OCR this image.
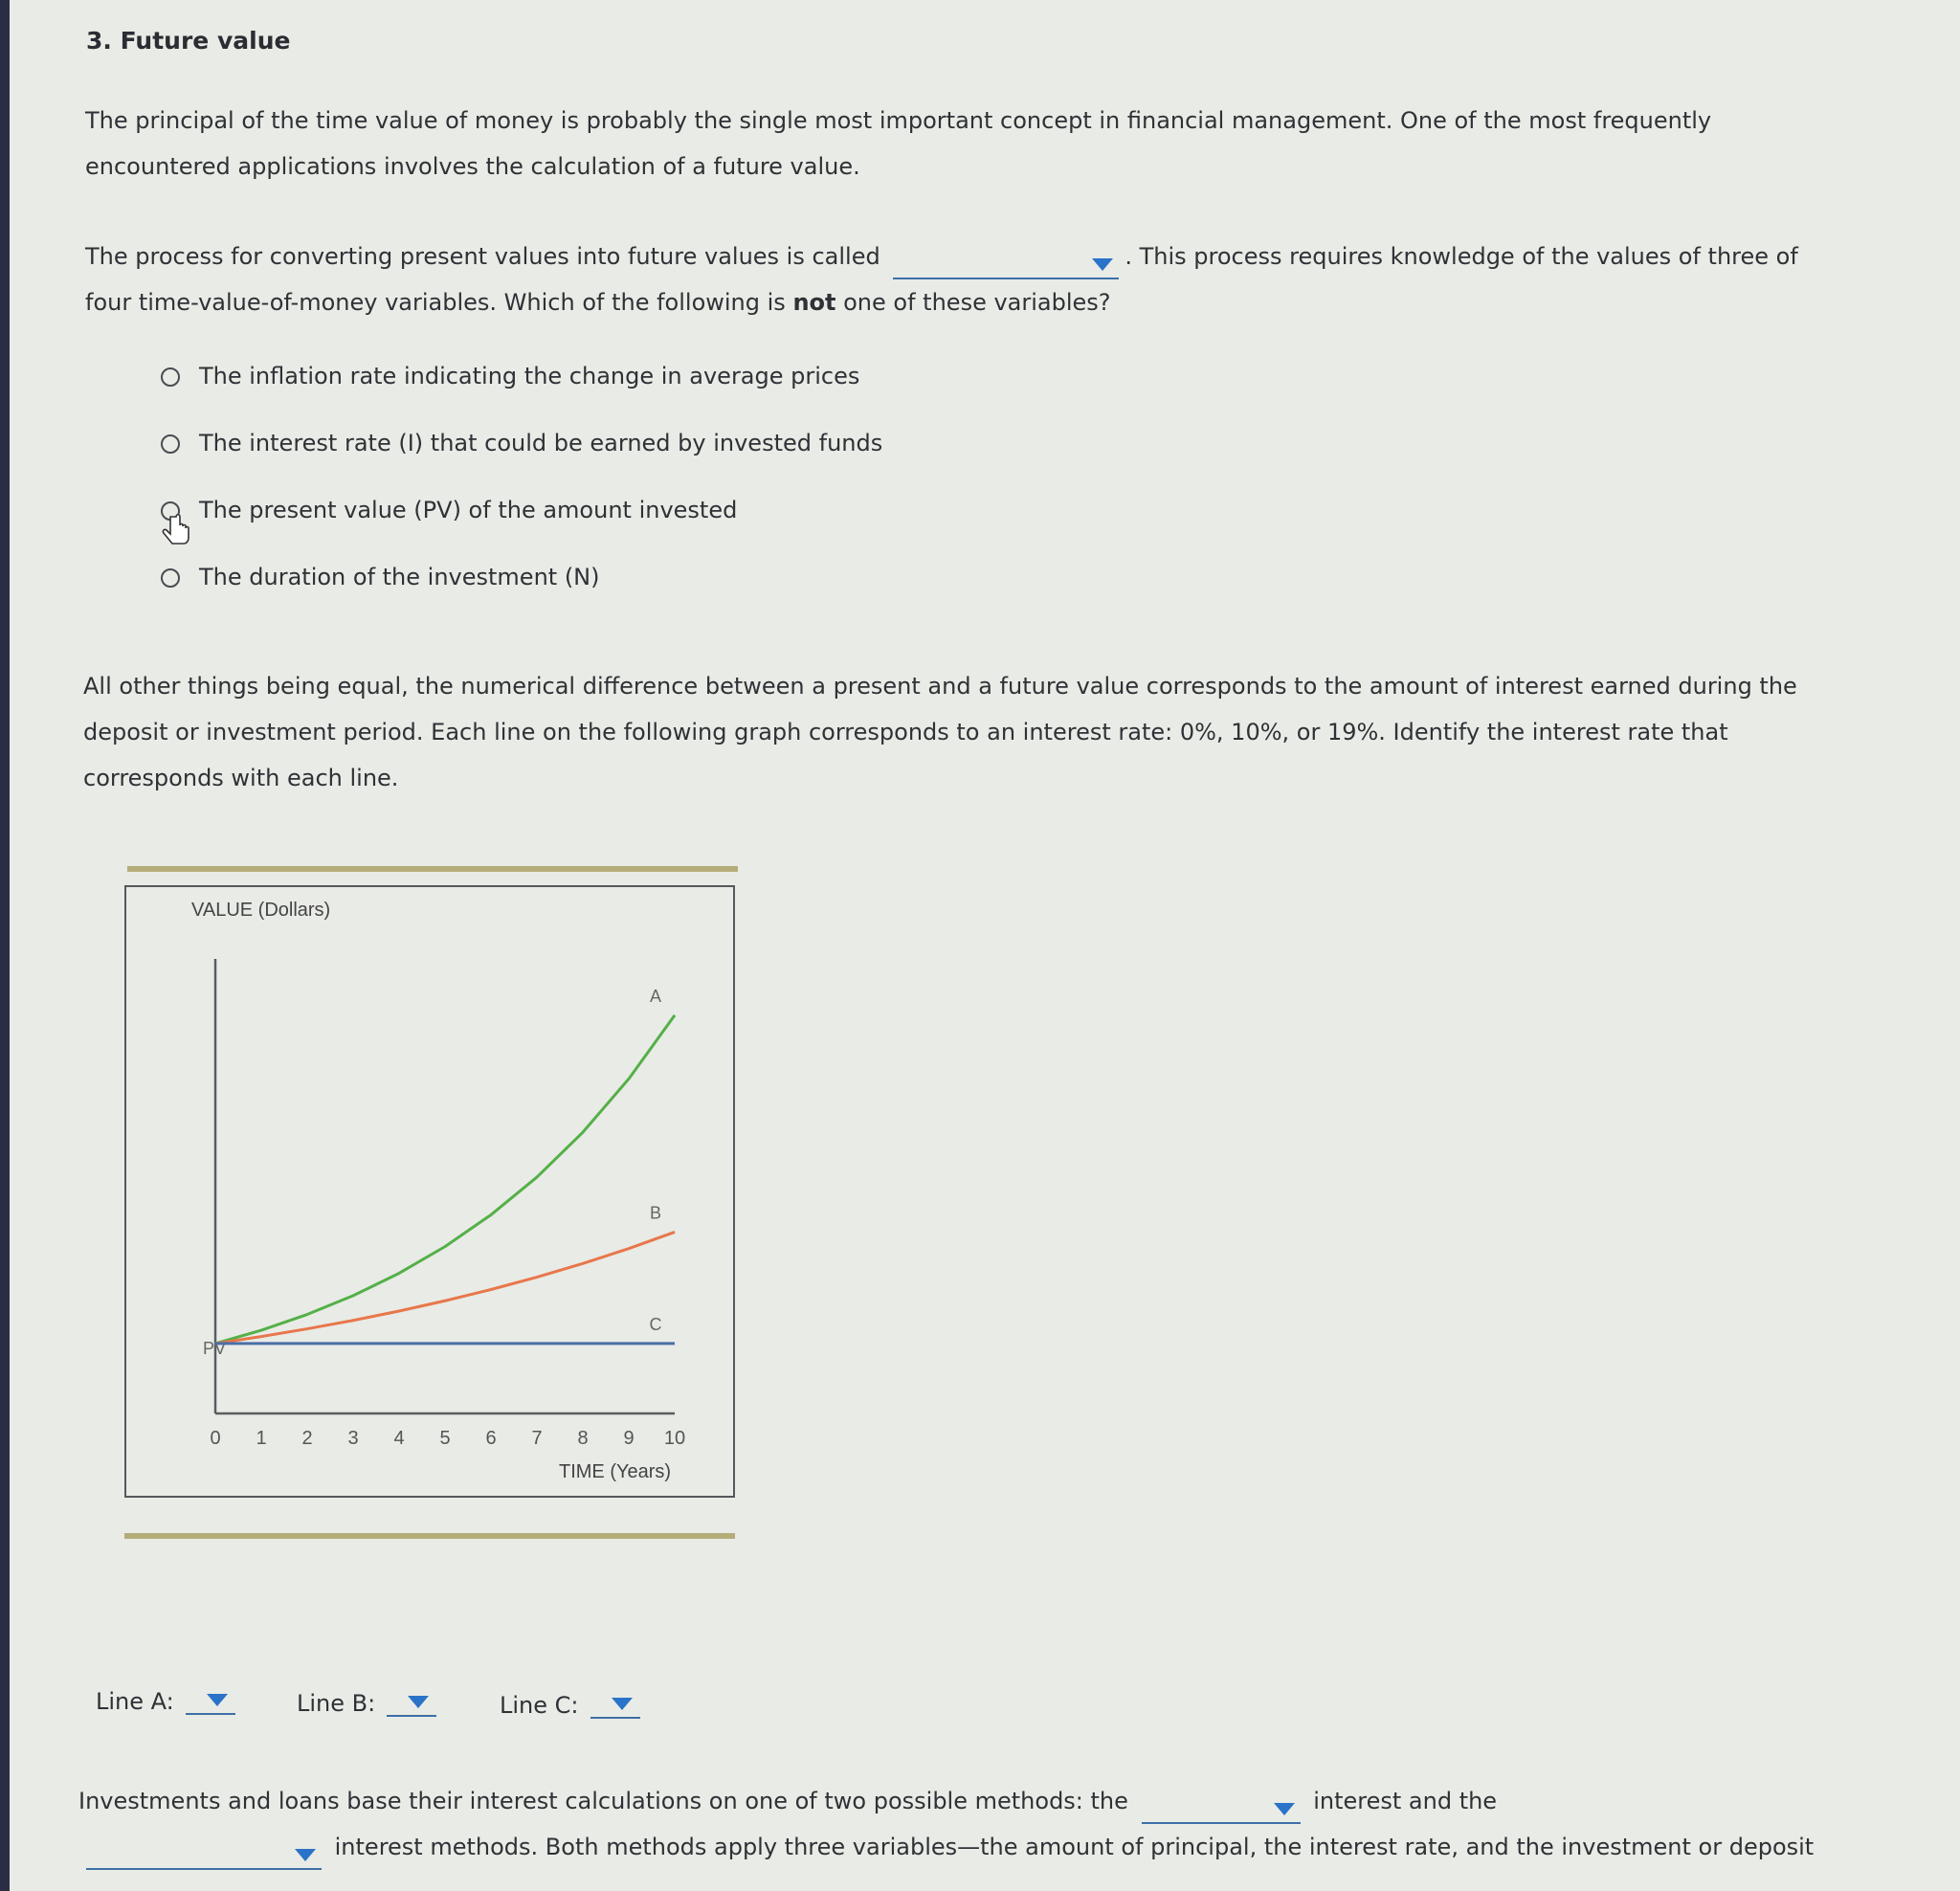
3. Future value
The principal of the time value of money is probably the single most important concept in financial management. One of the most frequently encountered applications involves the calculation of a future value.
The process for converting present values into future values is called	. This process requires knowledge of the values of three of four time-value-of-money variables. Which of the following is not one of these variables?
The inflation rate indicating the change in average prices
The interest rate (I) that could be earned by invested funds
The present value (PV) of the amount invested
The duration of the investment (N)
All other things being equal, the numerical difference between a present and a future value corresponds to the amount of interest earned during the deposit or investment period. Each line on the following graph corresponds to an interest rate: 0%, 10%, or 19%. Identify the interest rate that corresponds with each line.
VALUE (Dollars)
TIME (Years)
PV
0 1 2 3 4 5 6 7 8 9 10
A
B
C
Line A:	Line B:	Line C:
Investments and loans base their interest calculations on one of two possible methods: the	interest and the

interest methods. Both methods apply three variables—the amount of principal, the interest rate, and the investment or deposit
